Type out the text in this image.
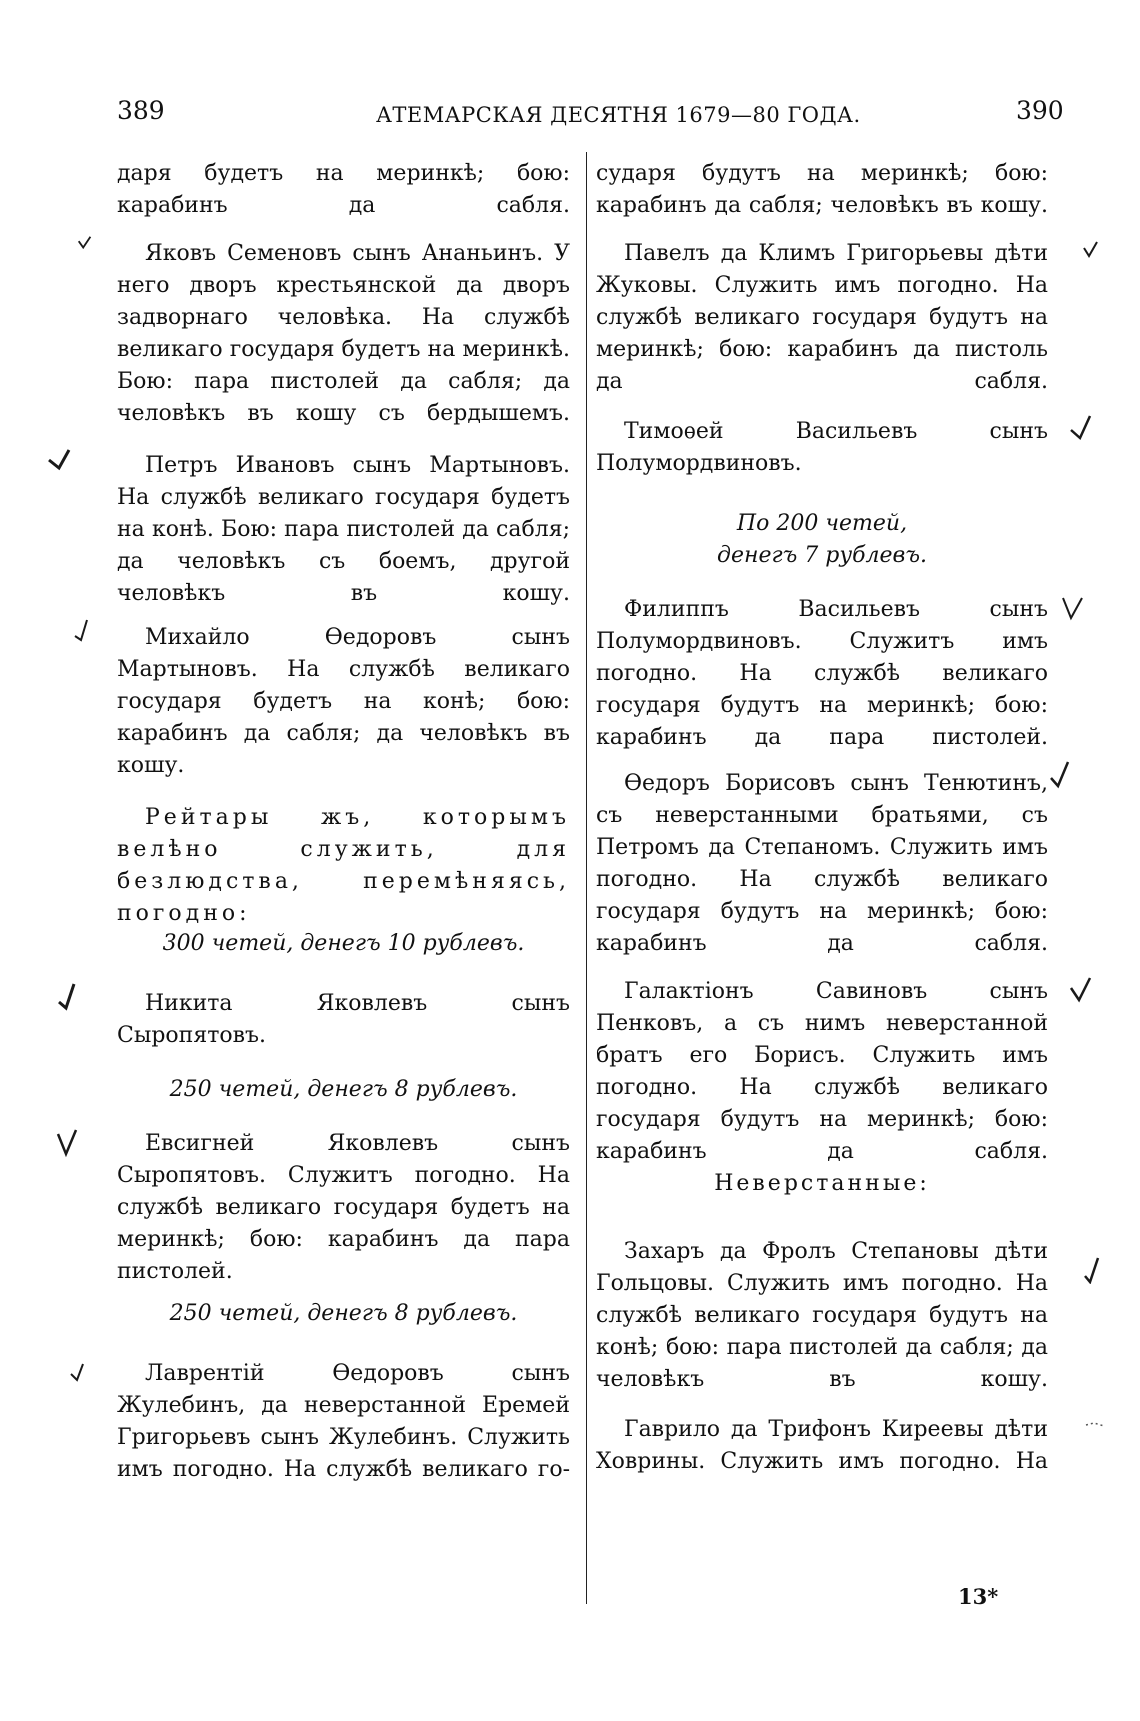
389	АТЕМАРСКАЯ ДЕСЯТНЯ 1679—80 ГОДА.	390

даря будетъ на меринкѣ; бою: карабинъ да сабля.

Яковъ Семеновъ сынъ Ананьинъ. У него дворъ крестьянской да дворъ задворнаго человѣка. На службѣ великаго государя будетъ на меринкѣ. Бою: пара пистолей да сабля; да человѣкъ въ кошу съ бердышемъ.

Петръ Ивановъ сынъ Мартыновъ. На службѣ великаго государя будетъ на конѣ. Бою: пара пистолей да сабля; да человѣкъ съ боемъ, другой человѣкъ въ кошу.

Михайло Ѳедоровъ сынъ Мартыновъ. На службѣ великаго государя будетъ на конѣ; бою: карабинъ да сабля; да человѣкъ въ кошу.

Рейтары жъ, которымъ велѣно служить, для безлюдства, перемѣняясь, погодно:

300 четей, денегъ 10 рублевъ.

Никита Яковлевъ сынъ Сыропятовъ.

250 четей, денегъ 8 рублевъ.

Евсигней Яковлевъ сынъ Сыропятовъ. Служитъ погодно. На службѣ великаго государя будетъ на меринкѣ; бою: карабинъ да пара пистолей.

250 четей, денегъ 8 рублевъ.

Лаврентій Ѳедоровъ сынъ Жулебинъ, да неверстанной Еремей Григорьевъ сынъ Жулебинъ. Служить имъ погодно. На службѣ великаго го-

сударя будутъ на меринкѣ; бою: карабинъ да сабля; человѣкъ въ кошу.

Павелъ да Климъ Григорьевы дѣти Жуковы. Служить имъ погодно. На службѣ великаго государя будутъ на меринкѣ; бою: карабинъ да пистоль да сабля.

Тимоѳей Васильевъ сынъ Полумордвиновъ.

По 200 четей, денегъ 7 рублевъ.

Филиппъ Васильевъ сынъ Полумордвиновъ. Служитъ имъ погодно. На службѣ великаго государя будутъ на меринкѣ; бою: карабинъ да пара пистолей.

Ѳедоръ Борисовъ сынъ Тенютинъ, съ неверстанными братьями, съ Петромъ да Степаномъ. Служить имъ погодно. На службѣ великаго государя будутъ на меринкѣ; бою: карабинъ да сабля.

Галактіонъ Савиновъ сынъ Пенковъ, а съ нимъ неверстанной братъ его Борисъ. Служить имъ погодно. На службѣ великаго государя будутъ на меринкѣ; бою: карабинъ да сабля.

Неверстанные:

Захаръ да Фролъ Степановы дѣти Гольцовы. Служить имъ погодно. На службѣ великаго государя будутъ на конѣ; бою: пара пистолей да сабля; да человѣкъ въ кошу.

Гаврило да Трифонъ Киреевы дѣти Ховрины. Служить имъ погодно. На

13*
